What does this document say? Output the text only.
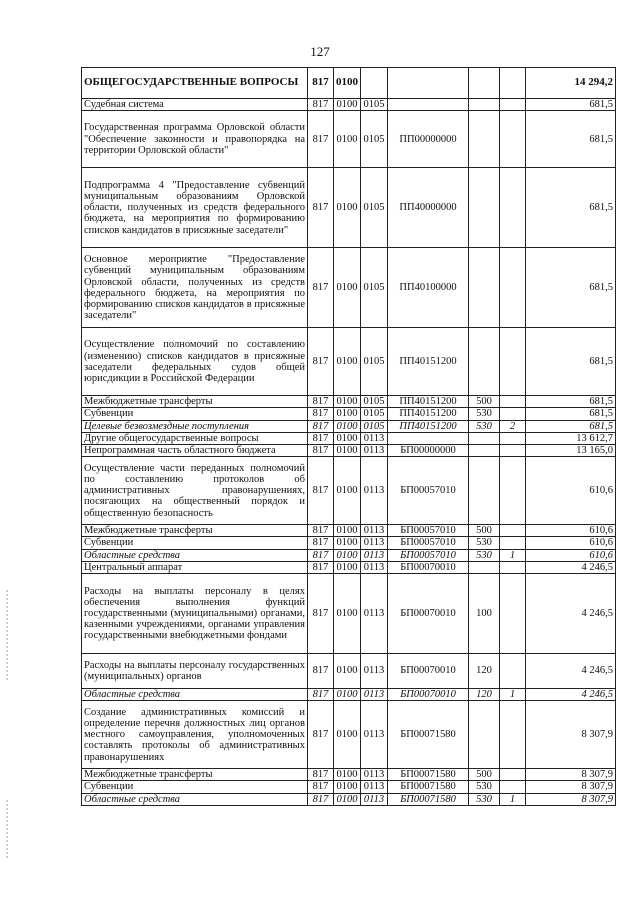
127
ОБЩЕГОСУДАРСТВЕННЫЕ ВОПРОСЫ	817	0100					14 294,2
Судебная система	817	0100	0105				681,5
Государственная программа Орловской области "Обеспечение законности и правопорядка на территории Орловской области"	817	0100	0105	ПП00000000			681,5
Подпрограмма 4 "Предоставление субвенций муниципальным образованиям Орловской области, полученных из средств федерального бюджета, на мероприятия по формированию списков кандидатов в присяжные заседатели"	817	0100	0105	ПП40000000			681,5
Основное мероприятие "Предоставление субвенций муниципальным образованиям Орловской области, полученных из средств федерального бюджета, на мероприятия по формированию списков кандидатов в присяжные заседатели"	817	0100	0105	ПП40100000			681,5
Осуществление полномочий по составлению (изменению) списков кандидатов в присяжные заседатели федеральных судов общей юрисдикции в Российской Федерации	817	0100	0105	ПП40151200			681,5
Межбюджетные трансферты	817	0100	0105	ПП40151200	500		681,5
Субвенции	817	0100	0105	ПП40151200	530		681,5
Целевые безвозмездные поступления	817	0100	0105	ПП40151200	530	2	681,5
Другие общегосударственные вопросы	817	0100	0113				13 612,7
Непрограммная часть областного бюджета	817	0100	0113	БП00000000			13 165,0
Осуществление части переданных полномочий по составлению протоколов об административных правонарушениях, посягающих на общественный порядок и общественную безопасность	817	0100	0113	БП00057010			610,6
Межбюджетные трансферты	817	0100	0113	БП00057010	500		610,6
Субвенции	817	0100	0113	БП00057010	530		610,6
Областные средства	817	0100	0113	БП00057010	530	1	610,6
Центральный аппарат	817	0100	0113	БП00070010			4 246,5
Расходы на выплаты персоналу в целях обеспечения выполнения функций государственными (муниципальными) органами, казенными учреждениями, органами управления государственными внебюджетными фондами	817	0100	0113	БП00070010	100		4 246,5
Расходы на выплаты персоналу государственных (муниципальных) органов	817	0100	0113	БП00070010	120		4 246,5
Областные средства	817	0100	0113	БП00070010	120	1	4 246,5
Создание административных комиссий и определение перечня должностных лиц органов местного самоуправления, уполномоченных составлять протоколы об административных правонарушениях	817	0100	0113	БП00071580			8 307,9
Межбюджетные трансферты	817	0100	0113	БП00071580	500		8 307,9
Субвенции	817	0100	0113	БП00071580	530		8 307,9
Областные средства	817	0100	0113	БП00071580	530	1	8 307,9
